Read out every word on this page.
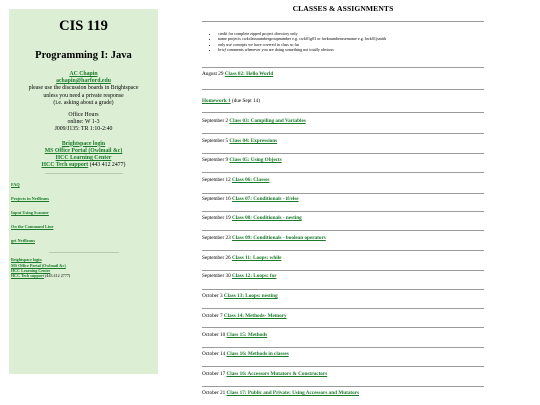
CIS 119
Programming I: Java
AC Chapin
achapin@harford.edu
please use the discussion boards in Brightspace
unless you need a private response
(i.e. asking about a grade)
Office Hours
online: W 1-3
J009/J135: TR 1:10-2:40
Brightspace login
MS Office Portal (Owlmail &c)
HCC Learning Center
HCC Tech support (443 412 2477)
FAQ
Projects in NetBeans
Input Using Scanner
On the Command Line
get NetBeans
Brightspace login
MS Office Portal (Owlmail &c)
HCC Learning Center
HCC Tech support (443 412 2777)
CLASSES & ASSIGNMENTS
• credit for complete zipped project directory only
• name projects cwkclassnumbergroupnumber e.g. cwk01g03 or hwknumberusername e.g. hwk01jsmith
• only use concepts we have covered in class so far
• brief comments whenever you are doing something not totally obvious
August 29 Class 02: Hello World
Homework 1 (due Sept 14)
September 2 Class 03: Compiling and Variables
September 5 Class 04: Expressions
September 9 Class 05: Using Objects
September 12 Class 06: Classes
September 16 Class 07: Conditionals - if/else
September 19 Class 08: Conditionals - nesting
September 23 Class 09: Conditionals - boolean operators
September 26 Class 11: Loops: while
September 30 Class 12: Loops: for
October 3 Class 13: Loops: nesting
October 7 Class 14: Methods- Memory
October 10 Class 15: Methods
October 14 Class 16: Methods in classes
October 17 Class 16: Accessors Mutators & Constructors
October 21 Class 17: Public and Private: Using Accessors and Mutators
